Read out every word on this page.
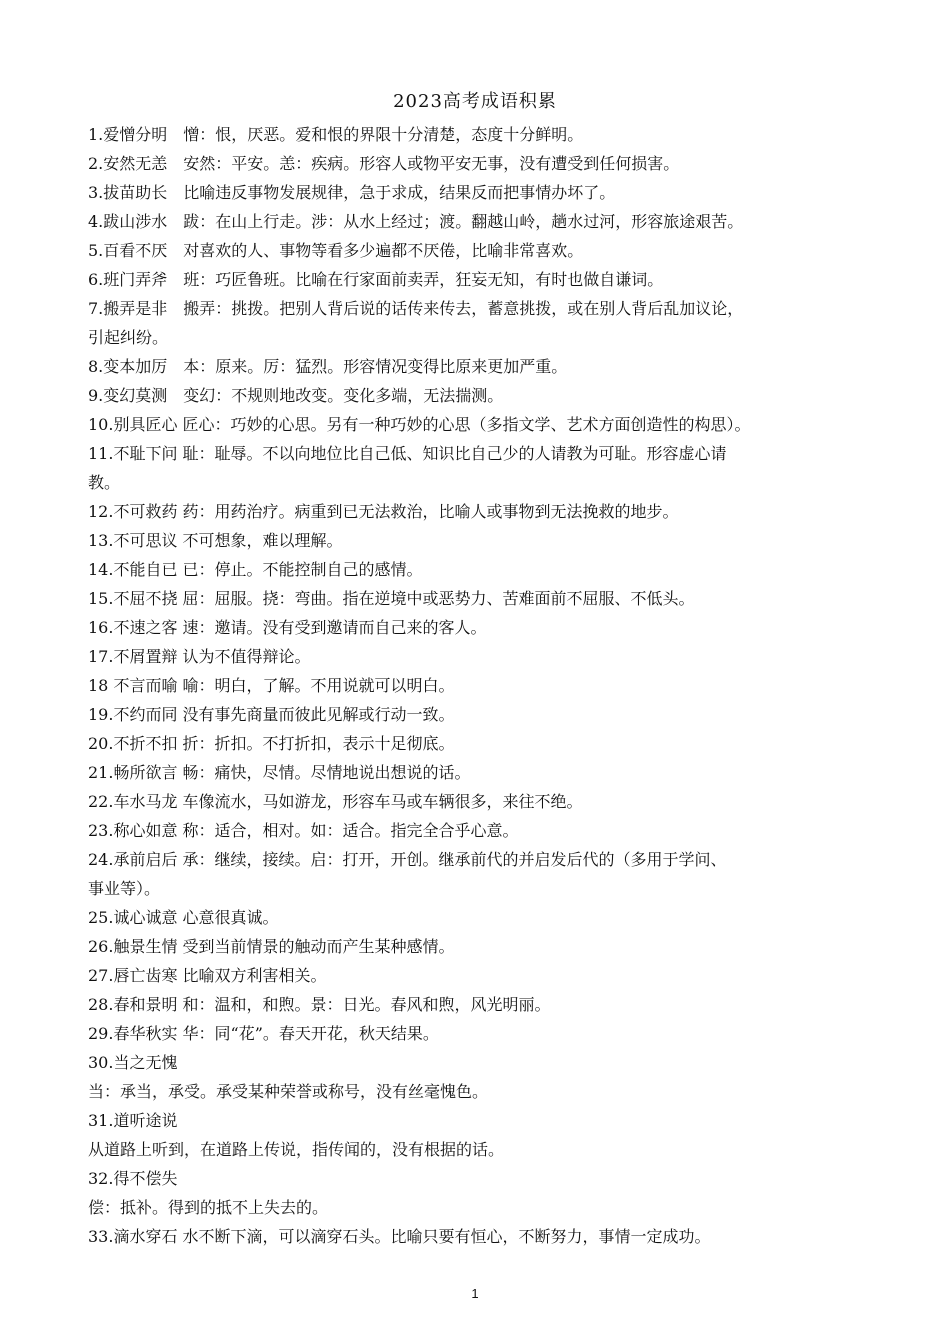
2023高考成语积累
1.爱憎分明　憎：恨，厌恶。爱和恨的界限十分清楚，态度十分鲜明。
2.安然无恙　安然：平安。恙：疾病。形容人或物平安无事，没有遭受到任何损害。
3.拔苗助长　比喻违反事物发展规律，急于求成，结果反而把事情办坏了。
4.跋山涉水　跋：在山上行走。涉：从水上经过；渡。翻越山岭，趟水过河，形容旅途艰苦。
5.百看不厌　对喜欢的人、事物等看多少遍都不厌倦，比喻非常喜欢。
6.班门弄斧　班：巧匠鲁班。比喻在行家面前卖弄，狂妄无知，有时也做自谦词。
7.搬弄是非　搬弄：挑拨。把别人背后说的话传来传去，蓄意挑拨，或在别人背后乱加议论，
引起纠纷。
8.变本加厉　本：原来。厉：猛烈。形容情况变得比原来更加严重。
9.变幻莫测　变幻：不规则地改变。变化多端，无法揣测。
10.别具匠心 匠心：巧妙的心思。另有一种巧妙的心思（多指文学、艺术方面创造性的构思）。
11.不耻下问 耻：耻辱。不以向地位比自己低、知识比自己少的人请教为可耻。形容虚心请
教。
12.不可救药 药：用药治疗。病重到已无法救治，比喻人或事物到无法挽救的地步。
13.不可思议 不可想象，难以理解。
14.不能自已 已：停止。不能控制自己的感情。
15.不屈不挠 屈：屈服。挠：弯曲。指在逆境中或恶势力、苦难面前不屈服、不低头。
16.不速之客 速：邀请。没有受到邀请而自己来的客人。
17.不屑置辩 认为不值得辩论。
18 不言而喻 喻：明白，了解。不用说就可以明白。
19.不约而同 没有事先商量而彼此见解或行动一致。
20.不折不扣 折：折扣。不打折扣，表示十足彻底。
21.畅所欲言 畅：痛快，尽情。尽情地说出想说的话。
22.车水马龙 车像流水，马如游龙，形容车马或车辆很多，来往不绝。
23.称心如意 称：适合，相对。如：适合。指完全合乎心意。
24.承前启后 承：继续，接续。启：打开，开创。继承前代的并启发后代的（多用于学问、
事业等）。
25.诚心诚意 心意很真诚。
26.触景生情 受到当前情景的触动而产生某种感情。
27.唇亡齿寒 比喻双方利害相关。
28.春和景明 和：温和，和煦。景：日光。春风和煦，风光明丽。
29.春华秋实 华：同“花”。春天开花，秋天结果。
30.当之无愧
当：承当，承受。承受某种荣誉或称号，没有丝毫愧色。
31.道听途说
从道路上听到，在道路上传说，指传闻的，没有根据的话。
32.得不偿失
偿：抵补。得到的抵不上失去的。
33.滴水穿石 水不断下滴，可以滴穿石头。比喻只要有恒心，不断努力，事情一定成功。
1
